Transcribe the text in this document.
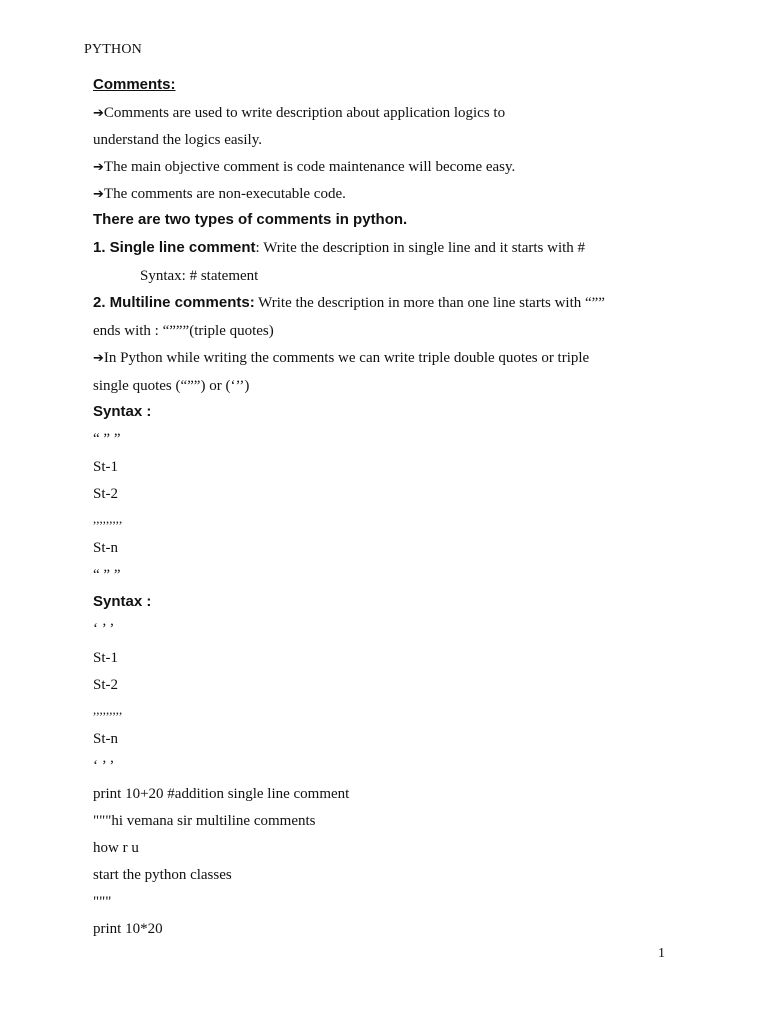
PYTHON
Comments:
➔Comments are used to write description about application logics to
understand the logics easily.
➔The main objective comment is code maintenance will become easy.
➔The comments are non-executable code.
There are two types of comments in python.
1. Single line comment: Write the description in single line and it starts with #
Syntax: # statement
2. Multiline comments: Write the description in more than one line starts with “””
ends with : “”””(triple quotes)
➔In Python while writing the comments we can write triple double quotes or triple
single quotes (“””) or (‘’’)
Syntax :
“ ” ”
St-1
St-2
,,,,,,,,,
St-n
“ ” ”
Syntax :
‘ ’ ’
St-1
St-2
,,,,,,,,,
St-n
‘ ’ ’
print 10+20 #addition single line comment
"""hi vemana sir multiline comments
how r u
start the python classes
"""
print 10*20
1
